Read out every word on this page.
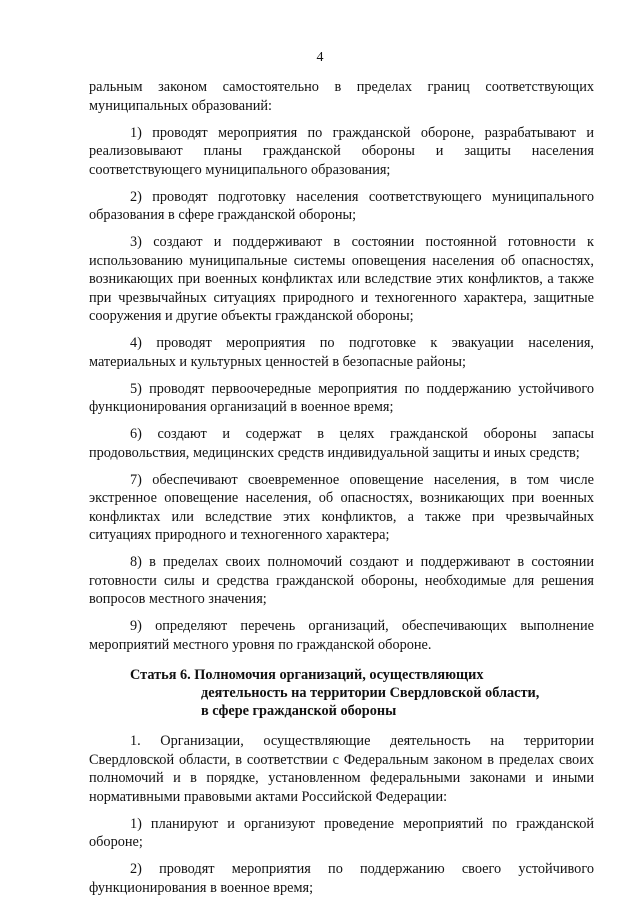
4

ральным законом самостоятельно в пределах границ соответствующих муниципальных образований:

1) проводят мероприятия по гражданской обороне, разрабатывают и реализовывают планы гражданской обороны и защиты населения соответствующего муниципального образования;

2) проводят подготовку населения соответствующего муниципального образования в сфере гражданской обороны;

3) создают и поддерживают в состоянии постоянной готовности к использованию муниципальные системы оповещения населения об опасностях, возникающих при военных конфликтах или вследствие этих конфликтов, а также при чрезвычайных ситуациях природного и техногенного характера, защитные сооружения и другие объекты гражданской обороны;

4) проводят мероприятия по подготовке к эвакуации населения, материальных и культурных ценностей в безопасные районы;

5) проводят первоочередные мероприятия по поддержанию устойчивого функционирования организаций в военное время;

6) создают и содержат в целях гражданской обороны запасы продовольствия, медицинских средств индивидуальной защиты и иных средств;

7) обеспечивают своевременное оповещение населения, в том числе экстренное оповещение населения, об опасностях, возникающих при военных конфликтах или вследствие этих конфликтов, а также при чрезвычайных ситуациях природного и техногенного характера;

8) в пределах своих полномочий создают и поддерживают в состоянии готовности силы и средства гражданской обороны, необходимые для решения вопросов местного значения;

9) определяют перечень организаций, обеспечивающих выполнение мероприятий местного уровня по гражданской обороне.

Статья 6. Полномочия организаций, осуществляющих
деятельность на территории Свердловской области,
в сфере гражданской обороны

1. Организации, осуществляющие деятельность на территории Свердловской области, в соответствии с Федеральным законом в пределах своих полномочий и в порядке, установленном федеральными законами и иными нормативными правовыми актами Российской Федерации:

1) планируют и организуют проведение мероприятий по гражданской обороне;

2) проводят мероприятия по поддержанию своего устойчивого функционирования в военное время;
